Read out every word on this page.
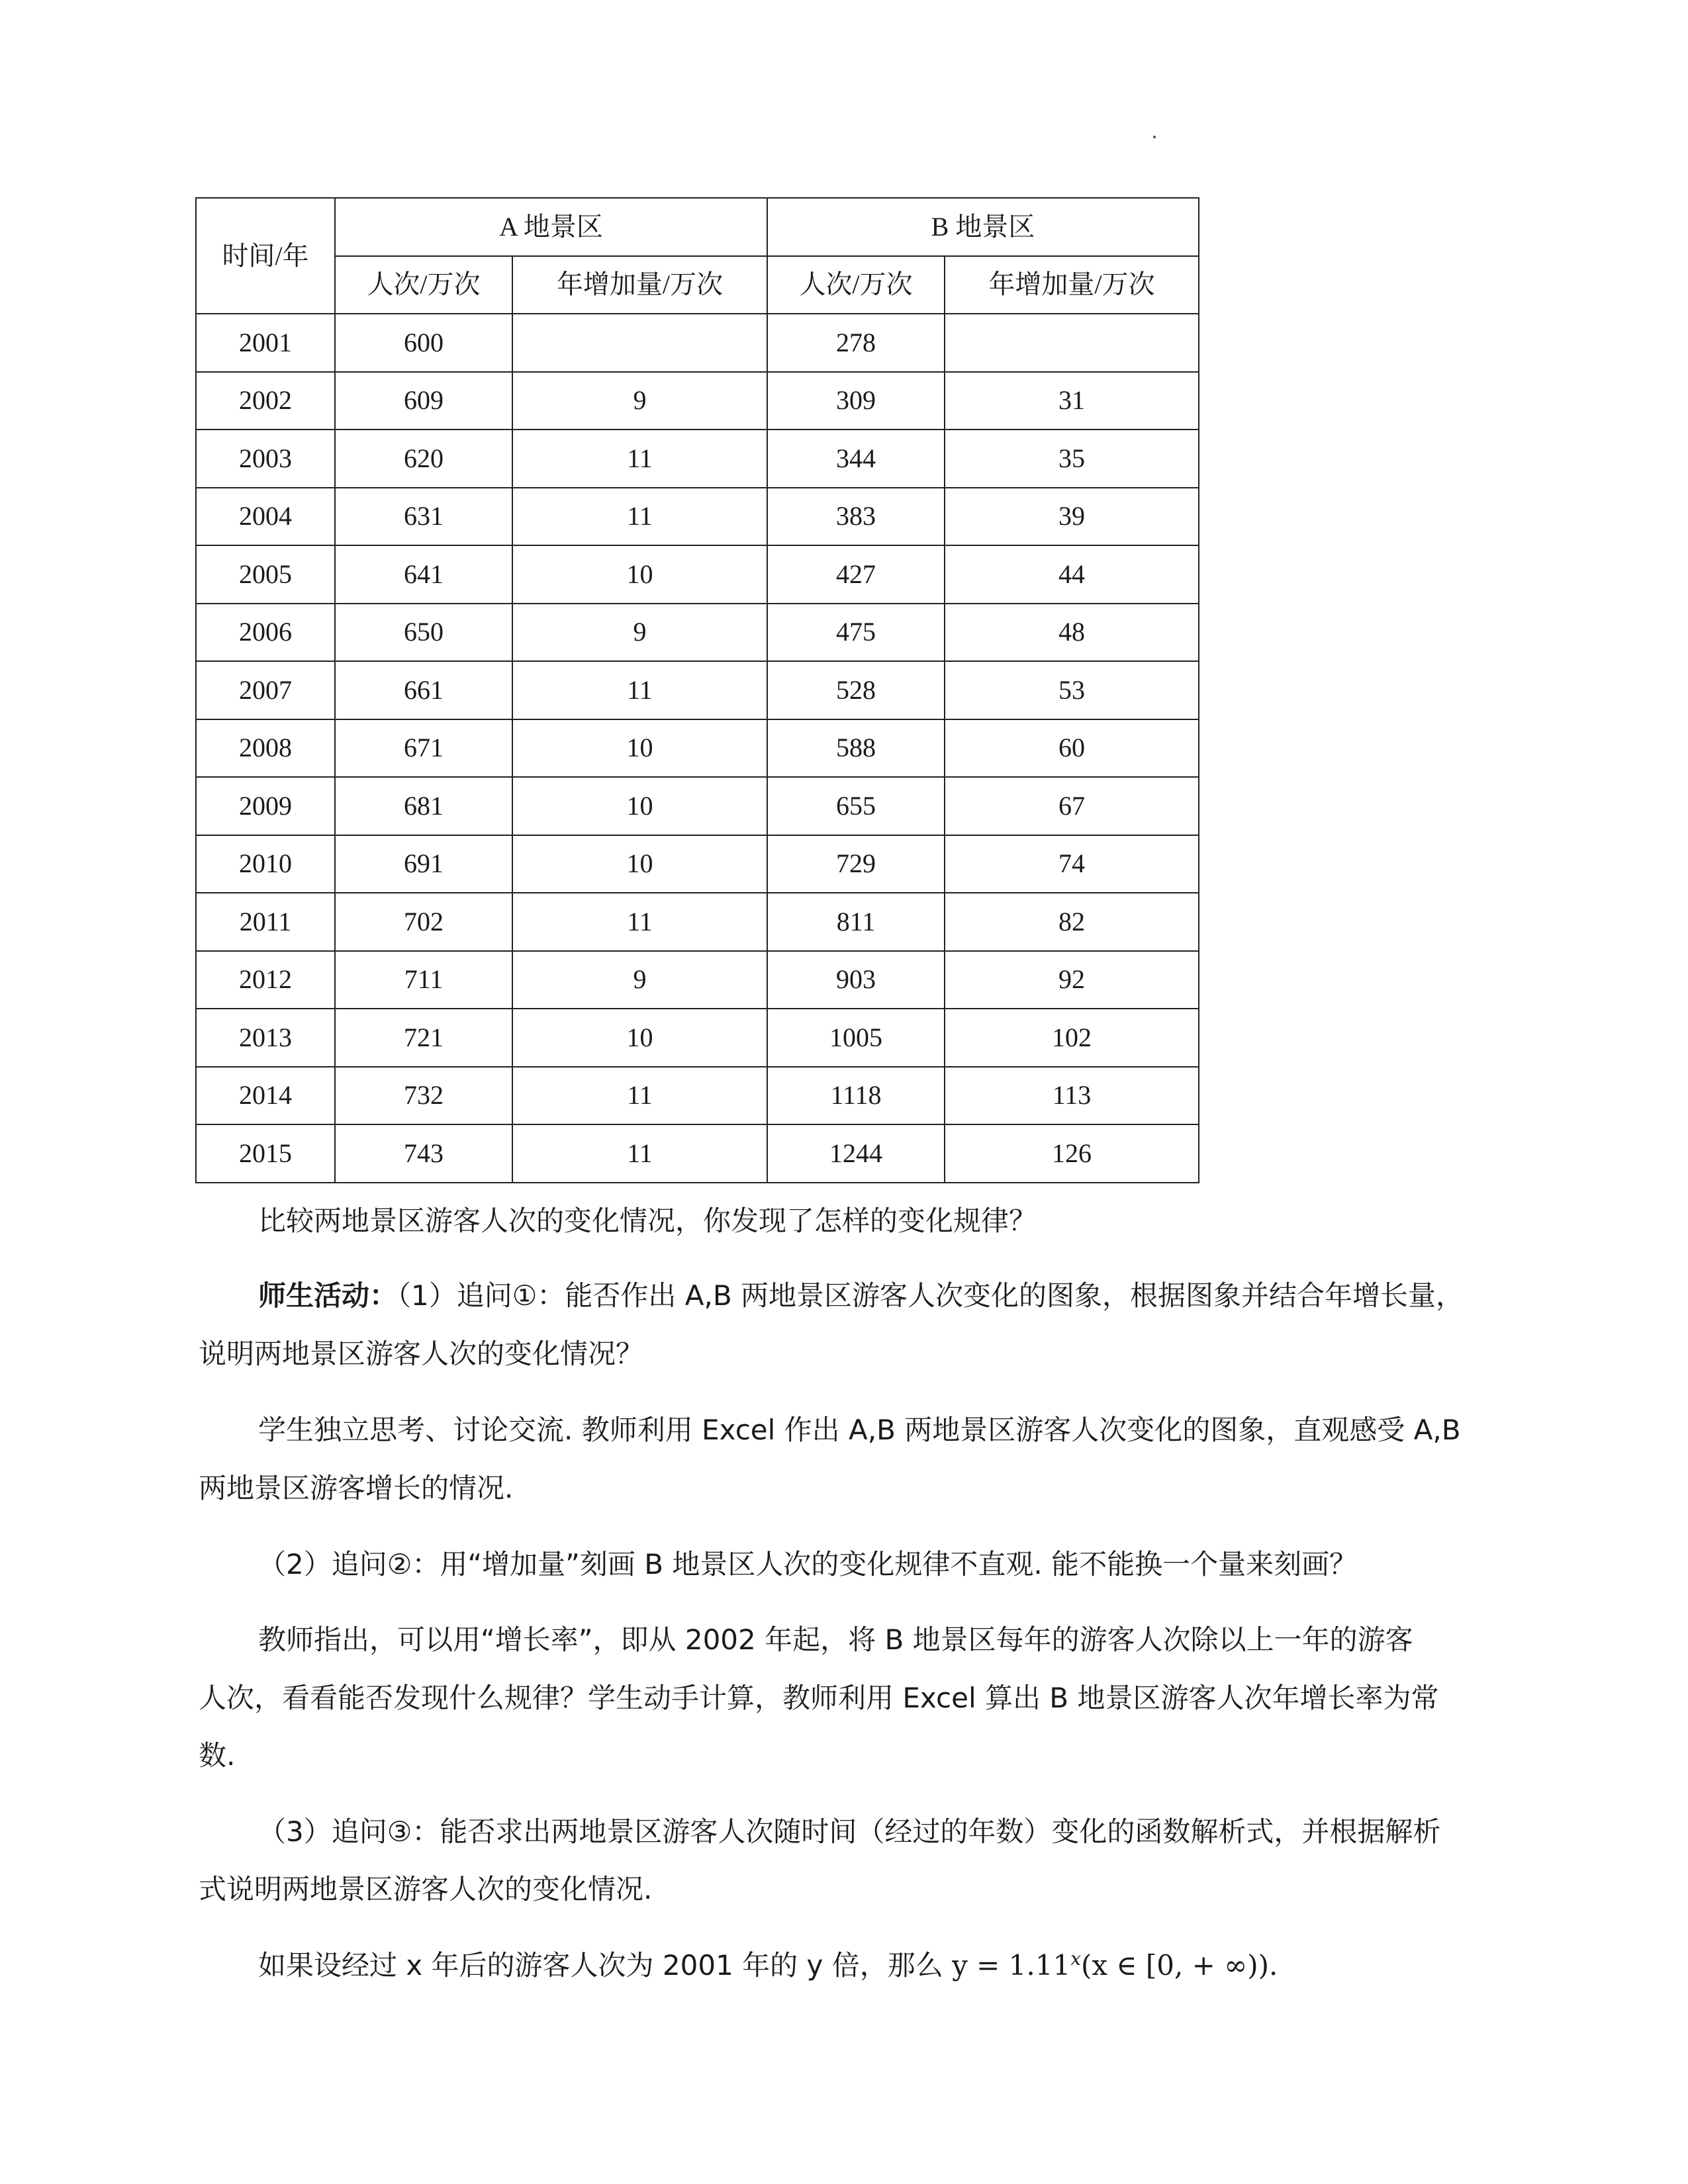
时间/年	A 地景区		B 地景区	
	人次/万次	年增加量/万次	人次/万次	年增加量/万次
2001	600		278	
2002	609	9	309	31
2003	620	11	344	35
2004	631	11	383	39
2005	641	10	427	44
2006	650	9	475	48
2007	661	11	528	53
2008	671	10	588	60
2009	681	10	655	67
2010	691	10	729	74
2011	702	11	811	82
2012	711	9	903	92
2013	721	10	1005	102
2014	732	11	1118	113
2015	743	11	1244	126

比较两地景区游客人次的变化情况，你发现了怎样的变化规律？

师生活动：（1）追问①：能否作出 A,B 两地景区游客人次变化的图象，根据图象并结合年增长量，

说明两地景区游客人次的变化情况？

学生独立思考、讨论交流. 教师利用 Excel 作出 A,B 两地景区游客人次变化的图象，直观感受 A,B

两地景区游客增长的情况.

（2）追问②：用“增加量”刻画 B 地景区人次的变化规律不直观. 能不能换一个量来刻画？

教师指出，可以用“增长率”，即从 2002 年起，将 B 地景区每年的游客人次除以上一年的游客

人次，看看能否发现什么规律？学生动手计算，教师利用 Excel 算出 B 地景区游客人次年增长率为常

数.

（3）追问③：能否求出两地景区游客人次随时间（经过的年数）变化的函数解析式，并根据解析

式说明两地景区游客人次的变化情况.

如果设经过 x 年后的游客人次为 2001 年的 y 倍，那么 $y = 1.11^x(x$ ∈ [0, + ∞)).
